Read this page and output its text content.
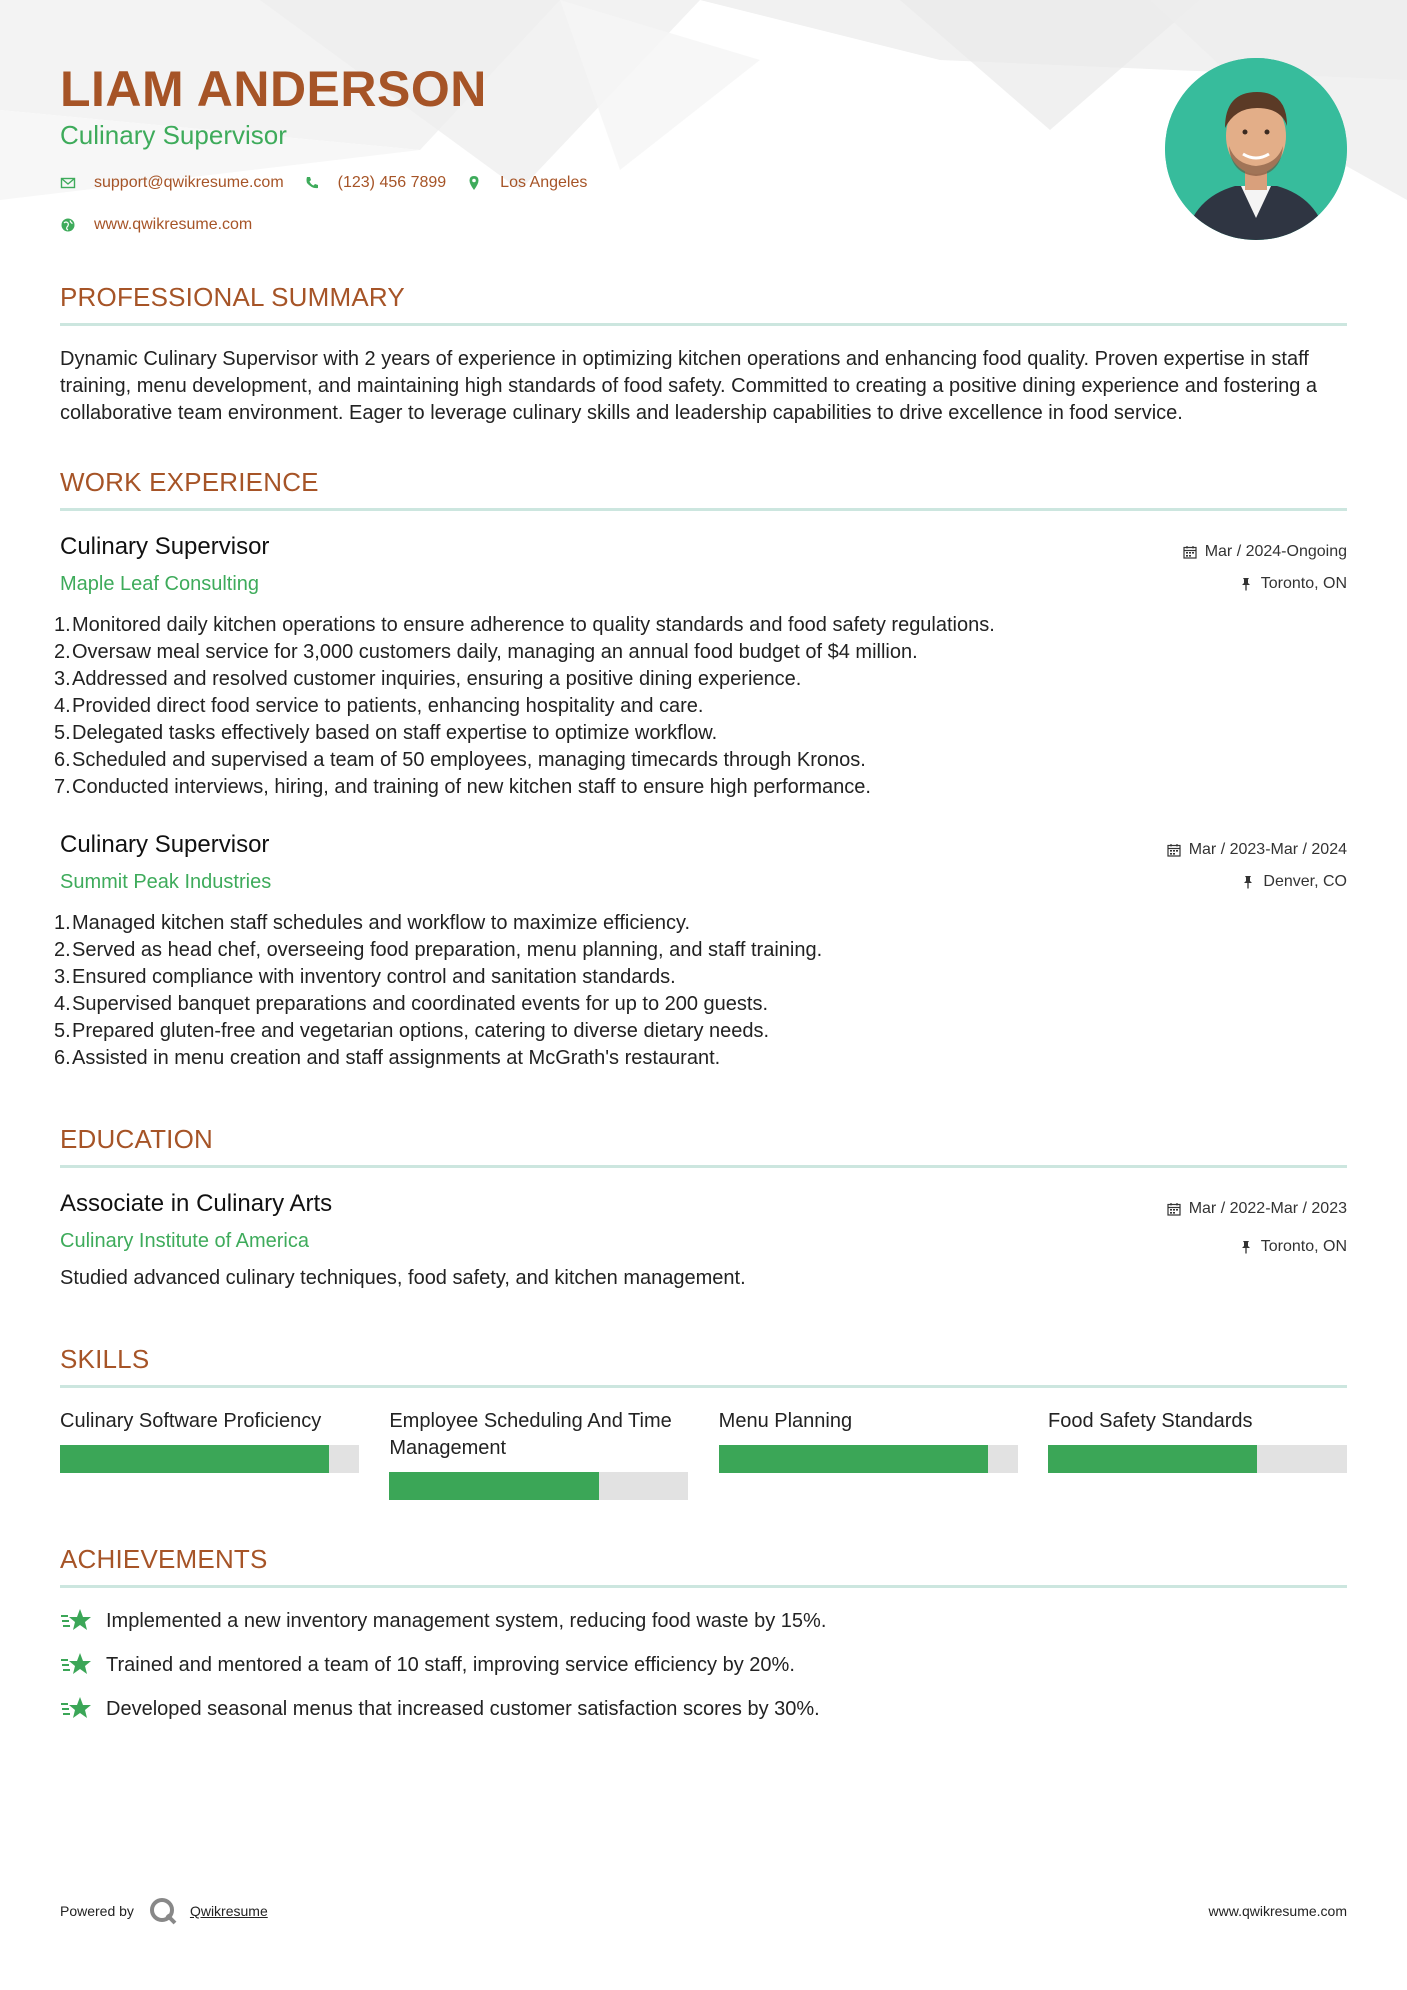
LIAM ANDERSON
Culinary Supervisor
support@qwikresume.com	(123) 456 7899	Los Angeles
www.qwikresume.com
PROFESSIONAL SUMMARY

Dynamic Culinary Supervisor with 2 years of experience in optimizing kitchen operations and enhancing food quality. Proven expertise in staff training, menu development, and maintaining high standards of food safety. Committed to creating a positive dining experience and fostering a collaborative team environment. Eager to leverage culinary skills and leadership capabilities to drive excellence in food service.

WORK EXPERIENCE
Culinary Supervisor
Maple Leaf Consulting
Mar / 2024-Ongoing
Toronto, ON
1. Monitored daily kitchen operations to ensure adherence to quality standards and food safety regulations.
2. Oversaw meal service for 3,000 customers daily, managing an annual food budget of $4 million.
3. Addressed and resolved customer inquiries, ensuring a positive dining experience.
4. Provided direct food service to patients, enhancing hospitality and care.
5. Delegated tasks effectively based on staff expertise to optimize workflow.
6. Scheduled and supervised a team of 50 employees, managing timecards through Kronos.
7. Conducted interviews, hiring, and training of new kitchen staff to ensure high performance.
Culinary Supervisor
Summit Peak Industries
Mar / 2023-Mar / 2024
Denver, CO
1. Managed kitchen staff schedules and workflow to maximize efficiency.
2. Served as head chef, overseeing food preparation, menu planning, and staff training.
3. Ensured compliance with inventory control and sanitation standards.
4. Supervised banquet preparations and coordinated events for up to 200 guests.
5. Prepared gluten-free and vegetarian options, catering to diverse dietary needs.
6. Assisted in menu creation and staff assignments at McGrath's restaurant.
EDUCATION
Associate in Culinary Arts
Culinary Institute of America
Mar / 2022-Mar / 2023
Toronto, ON

Studied advanced culinary techniques, food safety, and kitchen management.

SKILLS
Culinary Software Proficiency	Employee Scheduling And Time Management
Menu Planning	Food Safety Standards
ACHIEVEMENTS
Implemented a new inventory management system, reducing food waste by 15%.
Trained and mentored a team of 10 staff, improving service efficiency by 20%.
Developed seasonal menus that increased customer satisfaction scores by 30%.
Powered by	Qwikresume	www.qwikresume.com
